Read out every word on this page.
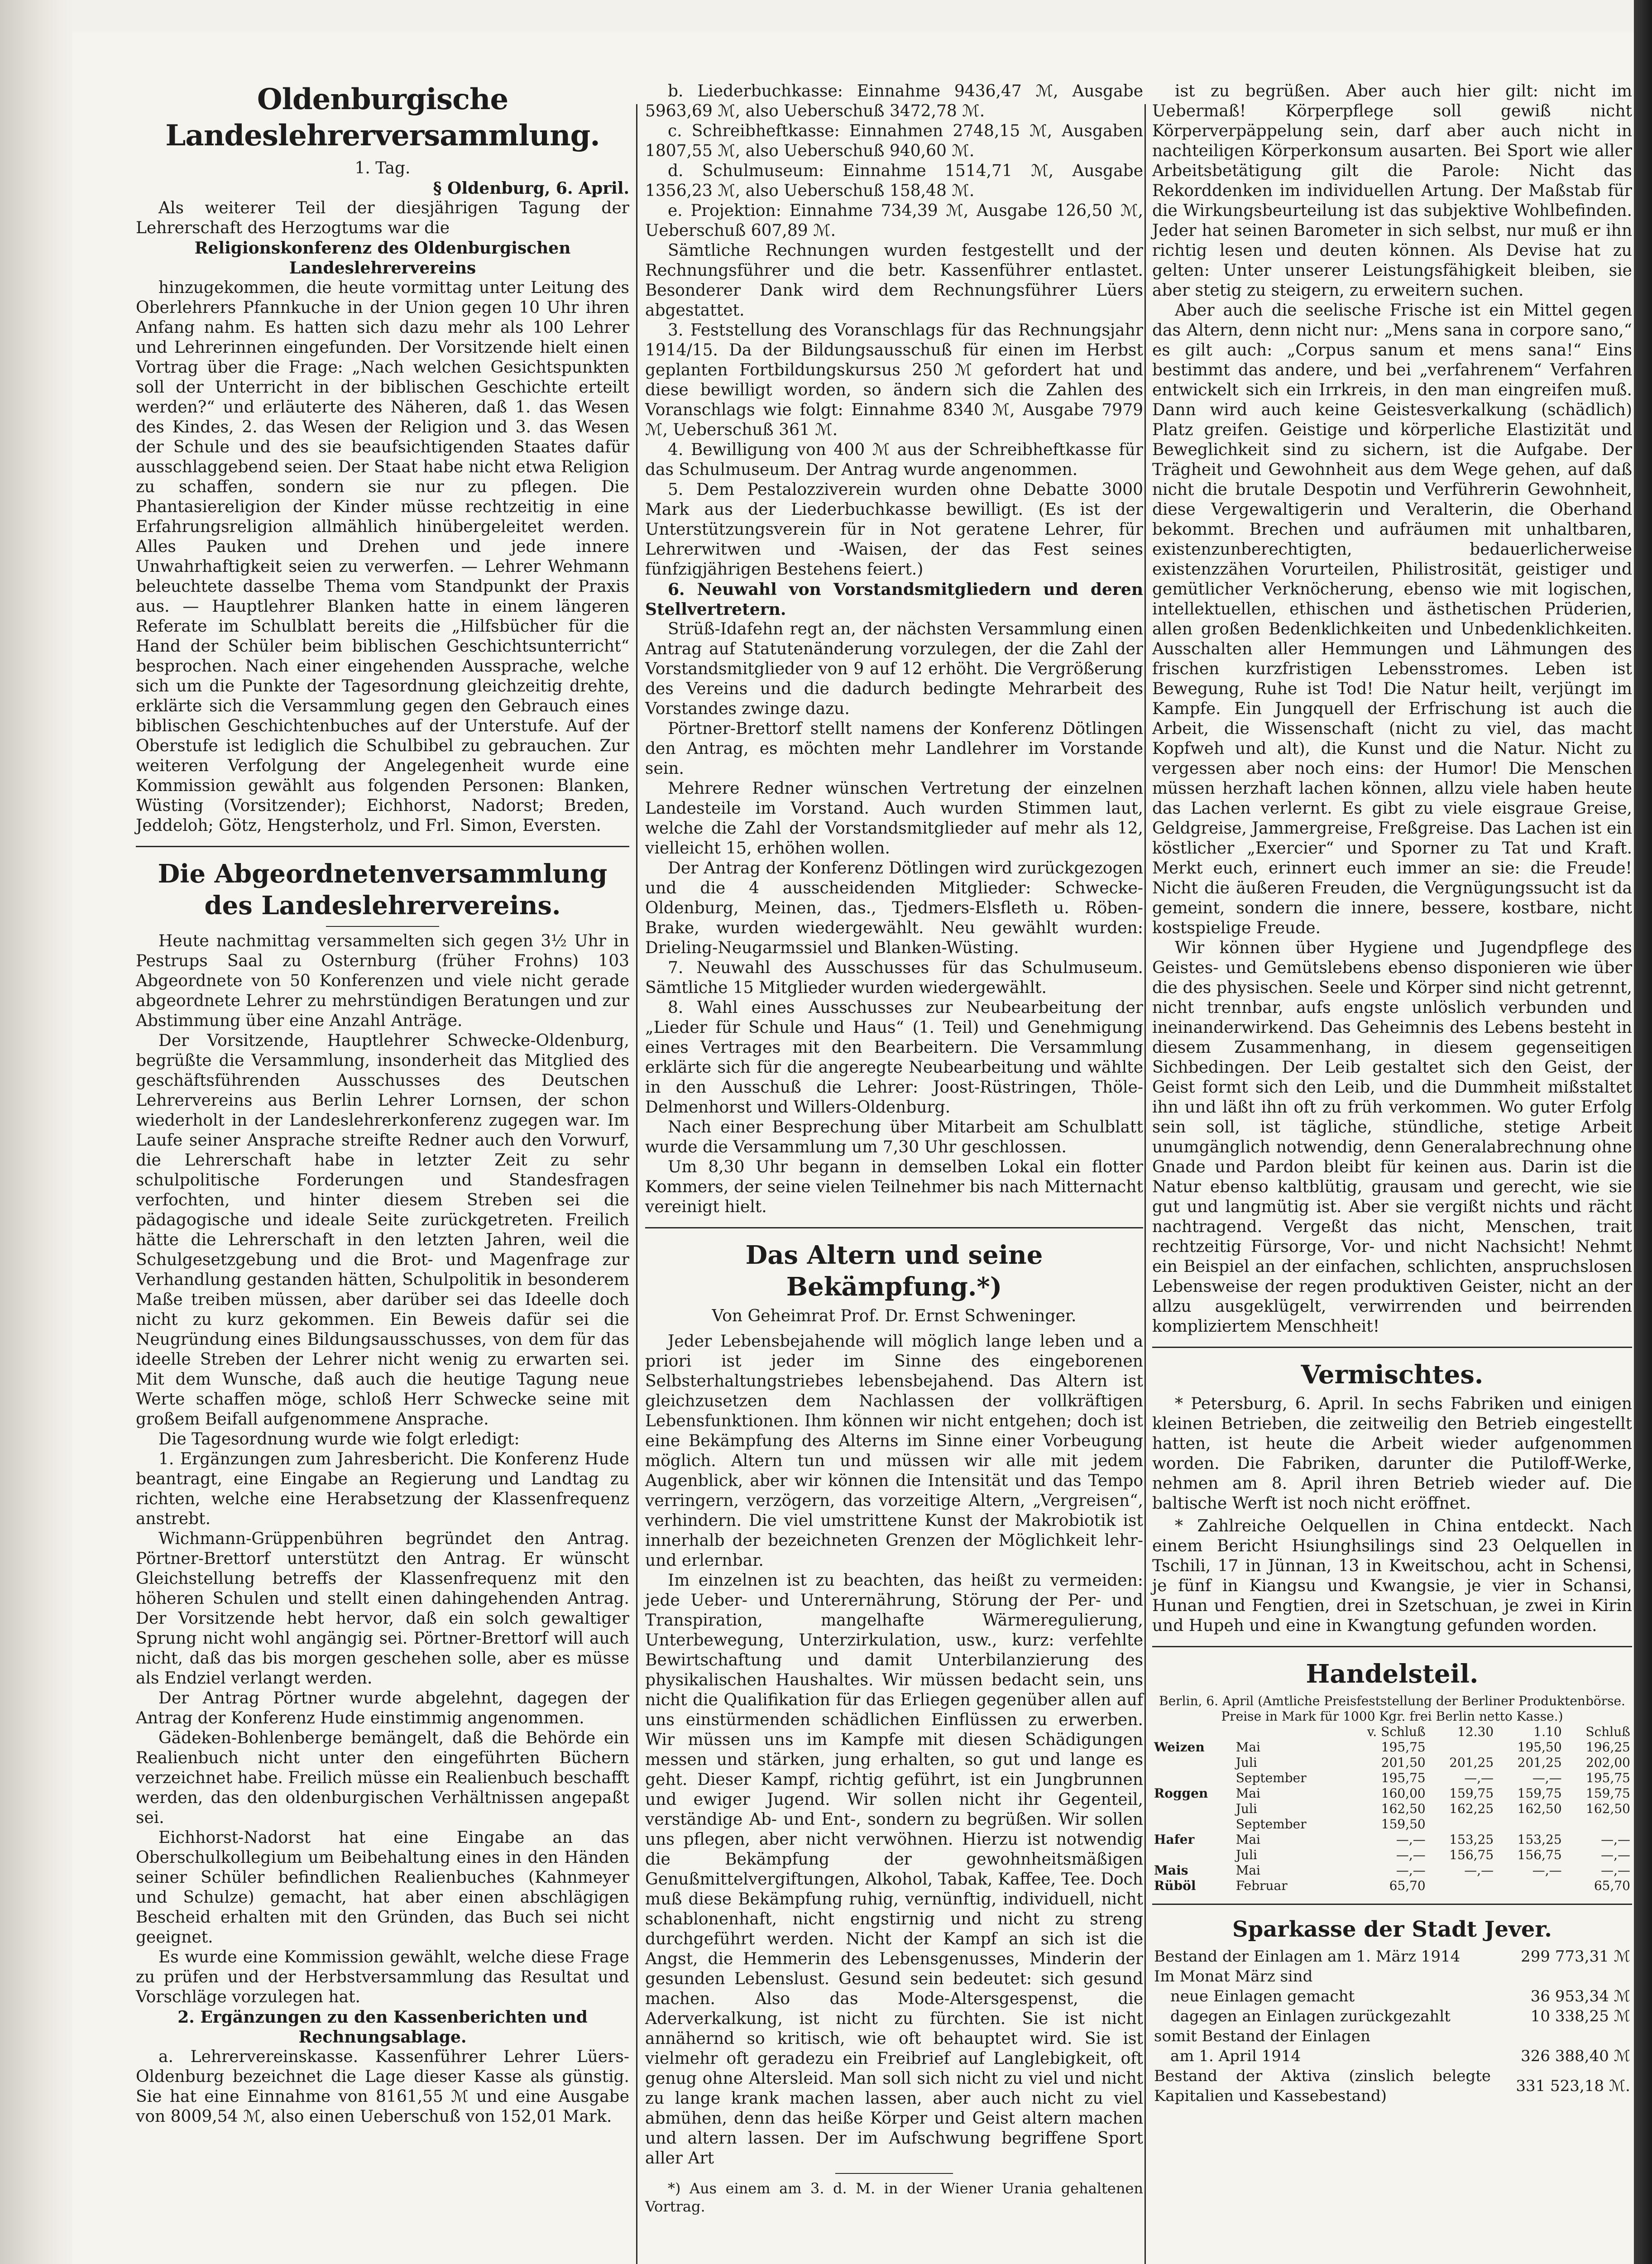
Oldenburgische Landeslehrerversammlung.

1. Tag.

§ Oldenburg, 6. April.

Als weiterer Teil der diesjährigen Tagung der Lehrerschaft des Herzogtums war die

Religionskonferenz des Oldenburgischen Landeslehrervereins

hinzugekommen, die heute vormittag unter Leitung des Oberlehrers Pfannkuche in der Union gegen 10 Uhr ihren Anfang nahm. Es hatten sich dazu mehr als 100 Lehrer und Lehrerinnen eingefunden. Der Vorsitzende hielt einen Vortrag über die Frage: „Nach welchen Gesichtspunkten soll der Unterricht in der biblischen Geschichte erteilt werden?“ und erläuterte des Näheren, daß 1. das Wesen des Kindes, 2. das Wesen der Religion und 3. das Wesen der Schule und des sie beaufsichtigenden Staates dafür ausschlaggebend seien. Der Staat habe nicht etwa Religion zu schaffen, sondern sie nur zu pflegen. Die Phantasiereligion der Kinder müsse rechtzeitig in eine Erfahrungsreligion allmählich hinübergeleitet werden. Alles Pauken und Drehen und jede innere Unwahrhaftigkeit seien zu verwerfen. — Lehrer Wehmann beleuchtete dasselbe Thema vom Standpunkt der Praxis aus. — Hauptlehrer Blanken hatte in einem längeren Referate im Schulblatt bereits die „Hilfsbücher für die Hand der Schüler beim biblischen Geschichtsunterricht“ besprochen. Nach einer eingehenden Aussprache, welche sich um die Punkte der Tagesordnung gleichzeitig drehte, erklärte sich die Versammlung gegen den Gebrauch eines biblischen Geschichtenbuches auf der Unterstufe. Auf der Oberstufe ist lediglich die Schulbibel zu gebrauchen. Zur weiteren Verfolgung der Angelegenheit wurde eine Kommission gewählt aus folgenden Personen: Blanken, Wüsting (Vorsitzender); Eichhorst, Nadorst; Breden, Jeddeloh; Götz, Hengsterholz, und Frl. Simon, Eversten.

Die Abgeordnetenversammlung des Landeslehrervereins.

Heute nachmittag versammelten sich gegen 3½ Uhr in Pestrups Saal zu Osternburg (früher Frohns) 103 Abgeordnete von 50 Konferenzen und viele nicht gerade abgeordnete Lehrer zu mehrstündigen Beratungen und zur Abstimmung über eine Anzahl Anträge.

Der Vorsitzende, Hauptlehrer Schwecke-Oldenburg, begrüßte die Versammlung, insonderheit das Mitglied des geschäftsführenden Ausschusses des Deutschen Lehrervereins aus Berlin Lehrer Lornsen, der schon wiederholt in der Landeslehrerkonferenz zugegen war. Im Laufe seiner Ansprache streifte Redner auch den Vorwurf, die Lehrerschaft habe in letzter Zeit zu sehr schulpolitische Forderungen und Standesfragen verfochten, und hinter diesem Streben sei die pädagogische und ideale Seite zurückgetreten. Freilich hätte die Lehrerschaft in den letzten Jahren, weil die Schulgesetzgebung und die Brot- und Magenfrage zur Verhandlung gestanden hätten, Schulpolitik in besonderem Maße treiben müssen, aber darüber sei das Ideelle doch nicht zu kurz gekommen. Ein Beweis dafür sei die Neugründung eines Bildungsausschusses, von dem für das ideelle Streben der Lehrer nicht wenig zu erwarten sei. Mit dem Wunsche, daß auch die heutige Tagung neue Werte schaffen möge, schloß Herr Schwecke seine mit großem Beifall aufgenommene Ansprache.

Die Tagesordnung wurde wie folgt erledigt:

1. Ergänzungen zum Jahresbericht. Die Konferenz Hude beantragt, eine Eingabe an Regierung und Landtag zu richten, welche eine Herabsetzung der Klassenfrequenz anstrebt.

Wichmann-Grüppenbühren begründet den Antrag. Pörtner-Brettorf unterstützt den Antrag. Er wünscht Gleichstellung betreffs der Klassenfrequenz mit den höheren Schulen und stellt einen dahingehenden Antrag. Der Vorsitzende hebt hervor, daß ein solch gewaltiger Sprung nicht wohl angängig sei. Pörtner-Brettorf will auch nicht, daß das bis morgen geschehen solle, aber es müsse als Endziel verlangt werden.

Der Antrag Pörtner wurde abgelehnt, dagegen der Antrag der Konferenz Hude einstimmig angenommen.

Gädeken-Bohlenberge bemängelt, daß die Behörde ein Realienbuch nicht unter den eingeführten Büchern verzeichnet habe. Freilich müsse ein Realienbuch beschafft werden, das den oldenburgischen Verhältnissen angepaßt sei.

Eichhorst-Nadorst hat eine Eingabe an das Oberschulkollegium um Beibehaltung eines in den Händen seiner Schüler befindlichen Realienbuches (Kahnmeyer und Schulze) gemacht, hat aber einen abschlägigen Bescheid erhalten mit den Gründen, das Buch sei nicht geeignet.

Es wurde eine Kommission gewählt, welche diese Frage zu prüfen und der Herbstversammlung das Resultat und Vorschläge vorzulegen hat.

2. Ergänzungen zu den Kassenberichten und Rechnungsablage.

a. Lehrervereinskasse. Kassenführer Lehrer Lüers-Oldenburg bezeichnet die Lage dieser Kasse als günstig. Sie hat eine Einnahme von 8161,55 ℳ und eine Ausgabe von 8009,54 ℳ, also einen Ueberschuß von 152,01 Mark.

b. Liederbuchkasse: Einnahme 9436,47 ℳ, Ausgabe 5963,69 ℳ, also Ueberschuß 3472,78 ℳ.

c. Schreibheftkasse: Einnahmen 2748,15 ℳ, Ausgaben 1807,55 ℳ, also Ueberschuß 940,60 ℳ.

d. Schulmuseum: Einnahme 1514,71 ℳ, Ausgabe 1356,23 ℳ, also Ueberschuß 158,48 ℳ.

e. Projektion: Einnahme 734,39 ℳ, Ausgabe 126,50 ℳ, Ueberschuß 607,89 ℳ.

Sämtliche Rechnungen wurden festgestellt und der Rechnungsführer und die betr. Kassenführer entlastet. Besonderer Dank wird dem Rechnungsführer Lüers abgestattet.

3. Feststellung des Voranschlags für das Rechnungsjahr 1914/15. Da der Bildungsausschuß für einen im Herbst geplanten Fortbildungskursus 250 ℳ gefordert hat und diese bewilligt worden, so ändern sich die Zahlen des Voranschlags wie folgt: Einnahme 8340 ℳ, Ausgabe 7979 ℳ, Ueberschuß 361 ℳ.

4. Bewilligung von 400 ℳ aus der Schreibheftkasse für das Schulmuseum. Der Antrag wurde angenommen.

5. Dem Pestalozziverein wurden ohne Debatte 3000 Mark aus der Liederbuchkasse bewilligt. (Es ist der Unterstützungsverein für in Not geratene Lehrer, für Lehrerwitwen und -Waisen, der das Fest seines fünfzigjährigen Bestehens feiert.)

6. Neuwahl von Vorstandsmitgliedern und deren Stellvertretern.

Strüß-Idafehn regt an, der nächsten Versammlung einen Antrag auf Statutenänderung vorzulegen, der die Zahl der Vorstandsmitglieder von 9 auf 12 erhöht. Die Vergrößerung des Vereins und die dadurch bedingte Mehrarbeit des Vorstandes zwinge dazu.

Pörtner-Brettorf stellt namens der Konferenz Dötlingen den Antrag, es möchten mehr Landlehrer im Vorstande sein.

Mehrere Redner wünschen Vertretung der einzelnen Landesteile im Vorstand. Auch wurden Stimmen laut, welche die Zahl der Vorstandsmitglieder auf mehr als 12, vielleicht 15, erhöhen wollen.

Der Antrag der Konferenz Dötlingen wird zurückgezogen und die 4 ausscheidenden Mitglieder: Schwecke-Oldenburg, Meinen, das., Tjedmers-Elsfleth u. Röben-Brake, wurden wiedergewählt. Neu gewählt wurden: Drieling-Neugarmssiel und Blanken-Wüsting.

7. Neuwahl des Ausschusses für das Schulmuseum. Sämtliche 15 Mitglieder wurden wiedergewählt.

8. Wahl eines Ausschusses zur Neubearbeitung der „Lieder für Schule und Haus“ (1. Teil) und Genehmigung eines Vertrages mit den Bearbeitern. Die Versammlung erklärte sich für die angeregte Neubearbeitung und wählte in den Ausschuß die Lehrer: Joost-Rüstringen, Thöle-Delmenhorst und Willers-Oldenburg.

Nach einer Besprechung über Mitarbeit am Schulblatt wurde die Versammlung um 7,30 Uhr geschlossen.

Um 8,30 Uhr begann in demselben Lokal ein flotter Kommers, der seine vielen Teilnehmer bis nach Mitternacht vereinigt hielt.

Das Altern und seine Bekämpfung.*)

Von Geheimrat Prof. Dr. Ernst Schweninger.

Jeder Lebensbejahende will möglich lange leben und a priori ist jeder im Sinne des eingeborenen Selbsterhaltungstriebes lebensbejahend. Das Altern ist gleichzusetzen dem Nachlassen der vollkräftigen Lebensfunktionen. Ihm können wir nicht entgehen; doch ist eine Bekämpfung des Alterns im Sinne einer Vorbeugung möglich. Altern tun und müssen wir alle mit jedem Augenblick, aber wir können die Intensität und das Tempo verringern, verzögern, das vorzeitige Altern, „Vergreisen“, verhindern. Die viel umstrittene Kunst der Makrobiotik ist innerhalb der bezeichneten Grenzen der Möglichkeit lehr- und erlernbar.

Im einzelnen ist zu beachten, das heißt zu vermeiden: jede Ueber- und Unterernährung, Störung der Per- und Transpiration, mangelhafte Wärmeregulierung, Unterbewegung, Unterzirkulation, usw., kurz: verfehlte Bewirtschaftung und damit Unterbilanzierung des physikalischen Haushaltes. Wir müssen bedacht sein, uns nicht die Qualifikation für das Erliegen gegenüber allen auf uns einstürmenden schädlichen Einflüssen zu erwerben. Wir müssen uns im Kampfe mit diesen Schädigungen messen und stärken, jung erhalten, so gut und lange es geht. Dieser Kampf, richtig geführt, ist ein Jungbrunnen und ewiger Jugend. Wir sollen nicht ihr Gegenteil, verständige Ab- und Ent-, sondern zu begrüßen. Wir sollen uns pflegen, aber nicht verwöhnen. Hierzu ist notwendig die Bekämpfung der gewohnheitsmäßigen Genußmittelvergiftungen, Alkohol, Tabak, Kaffee, Tee. Doch muß diese Bekämpfung ruhig, vernünftig, individuell, nicht schablonenhaft, nicht engstirnig und nicht zu streng durchgeführt werden. Nicht der Kampf an sich ist die Angst, die Hemmerin des Lebensgenusses, Minderin der gesunden Lebenslust. Gesund sein bedeutet: sich gesund machen. Also das Mode-Altersgespenst, die Aderverkalkung, ist nicht zu fürchten. Sie ist nicht annähernd so kritisch, wie oft behauptet wird. Sie ist vielmehr oft geradezu ein Freibrief auf Langlebigkeit, oft genug ohne Altersleid. Man soll sich nicht zu viel und nicht zu lange krank machen lassen, aber auch nicht zu viel abmühen, denn das heiße Körper und Geist altern machen und altern lassen. Der im Aufschwung begriffene Sport aller Art

*) Aus einem am 3. d. M. in der Wiener Urania gehaltenen Vortrag.

ist zu begrüßen. Aber auch hier gilt: nicht im Uebermaß! Körperpflege soll gewiß nicht Körperverpäppelung sein, darf aber auch nicht in nachteiligen Körperkonsum ausarten. Bei Sport wie aller Arbeitsbetätigung gilt die Parole: Nicht das Rekorddenken im individuellen Artung. Der Maßstab für die Wirkungsbeurteilung ist das subjektive Wohlbefinden. Jeder hat seinen Barometer in sich selbst, nur muß er ihn richtig lesen und deuten können. Als Devise hat zu gelten: Unter unserer Leistungsfähigkeit bleiben, sie aber stetig zu steigern, zu erweitern suchen.

Aber auch die seelische Frische ist ein Mittel gegen das Altern, denn nicht nur: „Mens sana in corpore sano,“ es gilt auch: „Corpus sanum et mens sana!“ Eins bestimmt das andere, und bei „verfahrenem“ Verfahren entwickelt sich ein Irrkreis, in den man eingreifen muß. Dann wird auch keine Geistesverkalkung (schädlich) Platz greifen. Geistige und körperliche Elastizität und Beweglichkeit sind zu sichern, ist die Aufgabe. Der Trägheit und Gewohnheit aus dem Wege gehen, auf daß nicht die brutale Despotin und Verführerin Gewohnheit, diese Vergewaltigerin und Veralterin, die Oberhand bekommt. Brechen und aufräumen mit unhaltbaren, existenzunberechtigten, bedauerlicherweise existenzzähen Vorurteilen, Philistrosität, geistiger und gemütlicher Verknöcherung, ebenso wie mit logischen, intellektuellen, ethischen und ästhetischen Prüderien, allen großen Bedenklichkeiten und Unbedenklichkeiten. Ausschalten aller Hemmungen und Lähmungen des frischen kurzfristigen Lebensstromes. Leben ist Bewegung, Ruhe ist Tod! Die Natur heilt, verjüngt im Kampfe. Ein Jungquell der Erfrischung ist auch die Arbeit, die Wissenschaft (nicht zu viel, das macht Kopfweh und alt), die Kunst und die Natur. Nicht zu vergessen aber noch eins: der Humor! Die Menschen müssen herzhaft lachen können, allzu viele haben heute das Lachen verlernt. Es gibt zu viele eisgraue Greise, Geldgreise, Jammergreise, Freßgreise. Das Lachen ist ein köstlicher „Exercier“ und Sporner zu Tat und Kraft. Merkt euch, erinnert euch immer an sie: die Freude! Nicht die äußeren Freuden, die Vergnügungssucht ist da gemeint, sondern die innere, bessere, kostbare, nicht kostspielige Freude.

Wir können über Hygiene und Jugendpflege des Geistes- und Gemütslebens ebenso disponieren wie über die des physischen. Seele und Körper sind nicht getrennt, nicht trennbar, aufs engste unlöslich verbunden und ineinanderwirkend. Das Geheimnis des Lebens besteht in diesem Zusammenhang, in diesem gegenseitigen Sichbedingen. Der Leib gestaltet sich den Geist, der Geist formt sich den Leib, und die Dummheit mißstaltet ihn und läßt ihn oft zu früh verkommen. Wo guter Erfolg sein soll, ist tägliche, stündliche, stetige Arbeit unumgänglich notwendig, denn Generalabrechnung ohne Gnade und Pardon bleibt für keinen aus. Darin ist die Natur ebenso kaltblütig, grausam und gerecht, wie sie gut und langmütig ist. Aber sie vergißt nichts und rächt nachtragend. Vergeßt das nicht, Menschen, trait rechtzeitig Fürsorge, Vor- und nicht Nachsicht! Nehmt ein Beispiel an der einfachen, schlichten, anspruchslosen Lebensweise der regen produktiven Geister, nicht an der allzu ausgeklügelt, verwirrenden und beirrenden kompliziertem Menschheit!

Vermischtes.

* Petersburg, 6. April. In sechs Fabriken und einigen kleinen Betrieben, die zeitweilig den Betrieb eingestellt hatten, ist heute die Arbeit wieder aufgenommen worden. Die Fabriken, darunter die Putiloff-Werke, nehmen am 8. April ihren Betrieb wieder auf. Die baltische Werft ist noch nicht eröffnet.

* Zahlreiche Oelquellen in China entdeckt. Nach einem Bericht Hsiunghsilings sind 23 Oelquellen in Tschili, 17 in Jünnan, 13 in Kweitschou, acht in Schensi, je fünf in Kiangsu und Kwangsie, je vier in Schansi, Hunan und Fengtien, drei in Szetschuan, je zwei in Kirin und Hupeh und eine in Kwangtung gefunden worden.

Handelsteil.

Berlin, 6. April (Amtliche Preisfeststellung der Berliner Produktenbörse. Preise in Mark für 1000 Kgr. frei Berlin netto Kasse.)

		v. Schluß	12.30	1.10	Schluß
Weizen	Mai	195,75		195,50	196,25
	Juli	201,50	201,25	201,25	202,00
	September	195,75	—,—	—,—	195,75
Roggen	Mai	160,00	159,75	159,75	159,75
	Juli	162,50	162,25	162,50	162,50
	September	159,50			
Hafer	Mai	—,—	153,25	153,25	—,—
	Juli	—,—	156,75	156,75	—,—
Mais	Mai	—,—	—,—	—,—	—,—
Rüböl	Februar	65,70			65,70
Sparkasse der Stadt Jever.
Bestand der Einlagen am 1. März 1914	299 773,31 ℳ
Im Monat März sind	
neue Einlagen gemacht	36 953,34 ℳ
dagegen an Einlagen zurückgezahlt	10 338,25 ℳ
somit Bestand der Einlagen	
am 1. April 1914	326 388,40 ℳ
Bestand der Aktiva (zinslich belegte Kapitalien und Kassebestand)	331 523,18 ℳ.
